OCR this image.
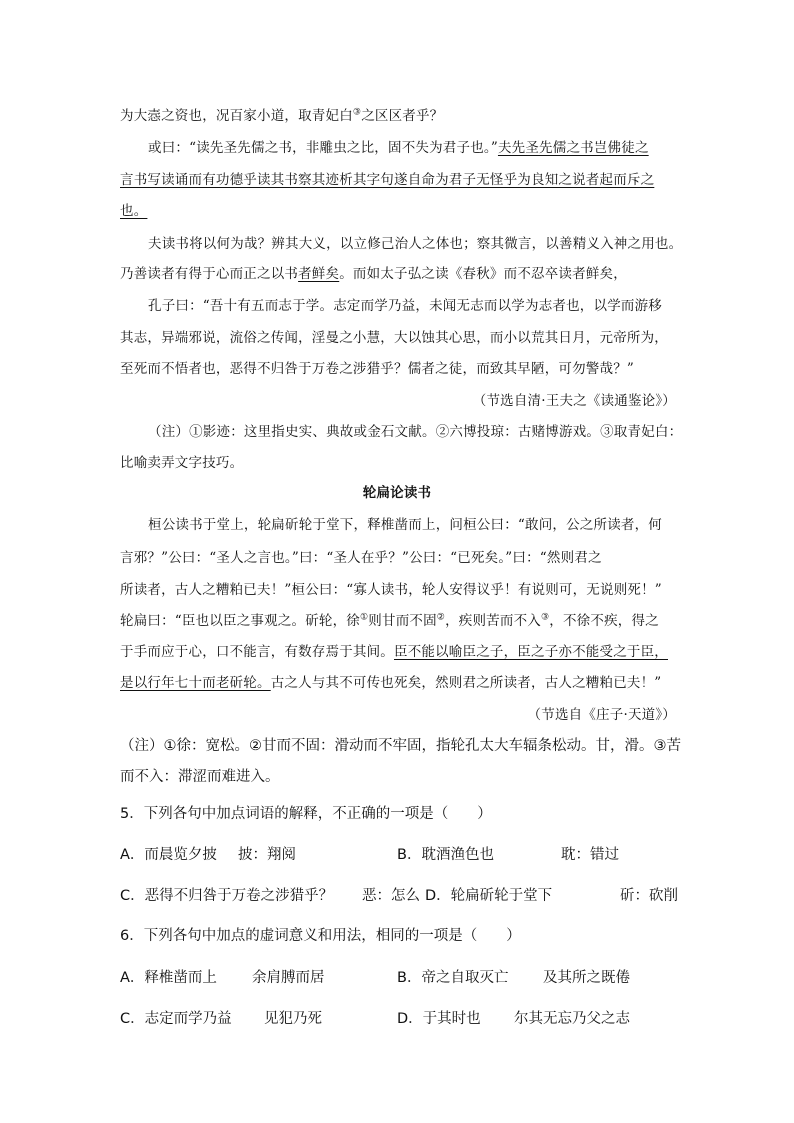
为大悫之资也，况百家小道，取青妃白③之区区者乎？
或曰：“读先圣先儒之书，非雕虫之比，固不失为君子也。”夫先圣先儒之书岂佛徒之
言书写读诵而有功德乎读其书察其迹析其字句遂自命为君子无怪乎为良知之说者起而斥之
也。
夫读书将以何为哉？辨其大义，以立修己治人之体也；察其微言，以善精义入神之用也。
乃善读者有得于心而正之以书者鲜矣。而如太子弘之读《春秋》而不忍卒读者鲜矣，
孔子曰：“吾十有五而志于学。志定而学乃益，未闻无志而以学为志者也，以学而游移
其志，异端邪说，流俗之传闻，淫曼之小慧，大以蚀其心思，而小以荒其日月，元帝所为，
至死而不悟者也，恶得不归咎于万卷之涉猎乎？儒者之徒，而致其早陋，可勿警哉？”
（节选自清·王夫之《读通鉴论》）
（注）①影迹：这里指史实、典故或金石文献。②六博投琼：古赌博游戏。③取青妃白：
比喻卖弄文字技巧。
轮扁论读书
桓公读书于堂上，轮扁斫轮于堂下，释椎凿而上，问桓公曰：“敢问，公之所读者，何
言邪？”公曰：“圣人之言也。”曰：“圣人在乎？”公曰：“已死矣。”曰：“然则君之
所读者，古人之糟粕已夫！”桓公曰：“寡人读书，轮人安得议乎！有说则可，无说则死！”
轮扁曰：“臣也以臣之事观之。斫轮，徐①则甘而不固②，疾则苦而不入③，不徐不疾，得之
于手而应于心，口不能言，有数存焉于其间。臣不能以喻臣之子，臣之子亦不能受之于臣，
是以行年七十而老斫轮。古之人与其不可传也死矣，然则君之所读者，古人之糟粕已夫！”
（节选自《庄子·天道》）
（注）①徐：宽松。②甘而不固：滑动而不牢固，指轮孔太大车辐条松动。甘，滑。③苦
而不入：滞涩而难进入。
5．下列各句中加点词语的解释，不正确的一项是（　　）
A．而晨览夕披 披：翔阅	B．耽酒渔色也	耽：错过
C．恶得不归咎于万卷之涉猎乎？ 恶：怎么 D．轮扁斫轮于堂下	斫：砍削
6．下列各句中加点的虚词意义和用法，相同的一项是（　　）
A．释椎凿而上 余肩膊而居	B．帝之自取灭亡 及其所之既倦
C．志定而学乃益 见犯乃死	D．于其时也 尔其无忘乃父之志
